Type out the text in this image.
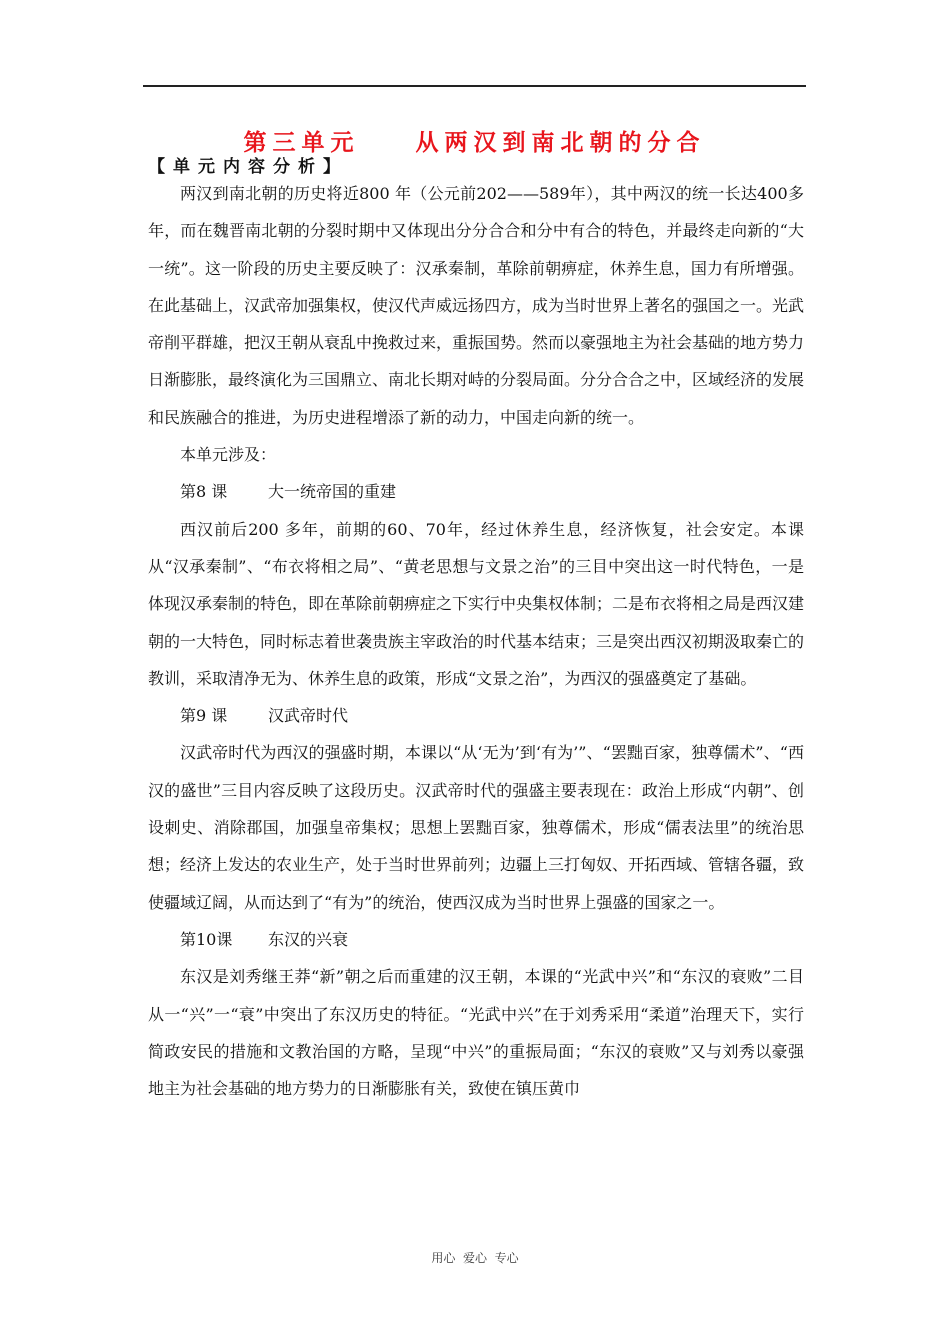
第三单元    从两汉到南北朝的分合
【单元内容分析】

两汉到南北朝的历史将近800 年（公元前202——589年），其中两汉的统一长达400多年，而在魏晋南北朝的分裂时期中又体现出分分合合和分中有合的特色，并最终走向新的“大一统”。这一阶段的历史主要反映了：汉承秦制，革除前朝痹症，休养生息，国力有所增强。在此基础上，汉武帝加强集权，使汉代声威远扬四方，成为当时世界上著名的强国之一。光武帝削平群雄，把汉王朝从衰乱中挽救过来，重振国势。然而以豪强地主为社会基础的地方势力日渐膨胀，最终演化为三国鼎立、南北长期对峙的分裂局面。分分合合之中，区域经济的发展和民族融合的推进，为历史进程增添了新的动力，中国走向新的统一。

本单元涉及：

第8 课        大一统帝国的重建

西汉前后200 多年，前期的60、70年，经过休养生息，经济恢复，社会安定。本课从“汉承秦制”、“布衣将相之局”、“黄老思想与文景之治”的三目中突出这一时代特色，一是体现汉承秦制的特色，即在革除前朝痹症之下实行中央集权体制；二是布衣将相之局是西汉建朝的一大特色，同时标志着世袭贵族主宰政治的时代基本结束；三是突出西汉初期汲取秦亡的教训，采取清净无为、休养生息的政策，形成“文景之治”，为西汉的强盛奠定了基础。

第9 课        汉武帝时代

汉武帝时代为西汉的强盛时期，本课以“从‘无为’到‘有为’”、“罢黜百家，独尊儒术”、“西汉的盛世”三目内容反映了这段历史。汉武帝时代的强盛主要表现在：政治上形成“内朝”、创设刺史、消除郡国，加强皇帝集权；思想上罢黜百家，独尊儒术，形成“儒表法里”的统治思想；经济上发达的农业生产，处于当时世界前列；边疆上三打匈奴、开拓西域、管辖各疆，致使疆域辽阔，从而达到了“有为”的统治，使西汉成为当时世界上强盛的国家之一。

第10课       东汉的兴衰

东汉是刘秀继王莽“新”朝之后而重建的汉王朝，本课的“光武中兴”和“东汉的衰败”二目从一“兴”一“衰”中突出了东汉历史的特征。“光武中兴”在于刘秀采用“柔道”治理天下，实行简政安民的措施和文教治国的方略，呈现“中兴”的重振局面；“东汉的衰败”又与刘秀以豪强地主为社会基础的地方势力的日渐膨胀有关，致使在镇压黄巾

用心  爱心  专心
